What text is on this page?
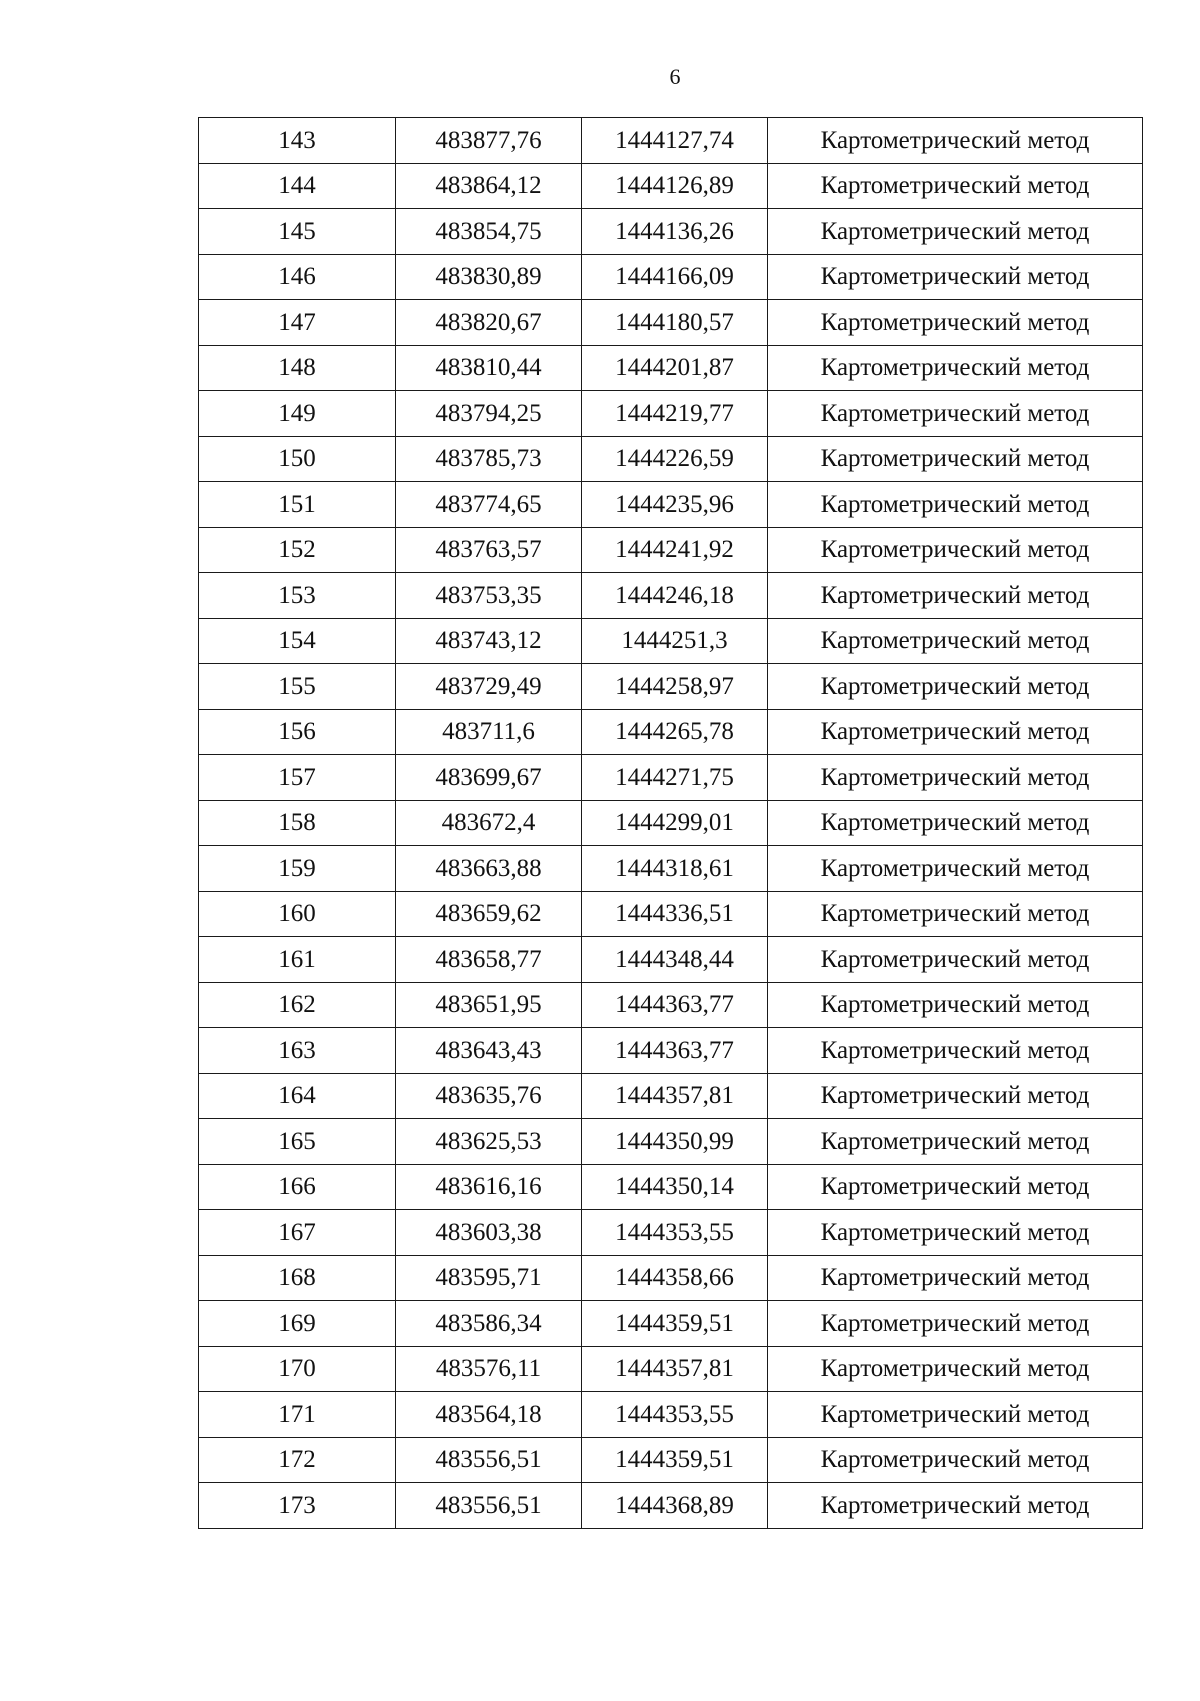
6
143	483877,76	1444127,74	Картометрический метод
144	483864,12	1444126,89	Картометрический метод
145	483854,75	1444136,26	Картометрический метод
146	483830,89	1444166,09	Картометрический метод
147	483820,67	1444180,57	Картометрический метод
148	483810,44	1444201,87	Картометрический метод
149	483794,25	1444219,77	Картометрический метод
150	483785,73	1444226,59	Картометрический метод
151	483774,65	1444235,96	Картометрический метод
152	483763,57	1444241,92	Картометрический метод
153	483753,35	1444246,18	Картометрический метод
154	483743,12	1444251,3	Картометрический метод
155	483729,49	1444258,97	Картометрический метод
156	483711,6	1444265,78	Картометрический метод
157	483699,67	1444271,75	Картометрический метод
158	483672,4	1444299,01	Картометрический метод
159	483663,88	1444318,61	Картометрический метод
160	483659,62	1444336,51	Картометрический метод
161	483658,77	1444348,44	Картометрический метод
162	483651,95	1444363,77	Картометрический метод
163	483643,43	1444363,77	Картометрический метод
164	483635,76	1444357,81	Картометрический метод
165	483625,53	1444350,99	Картометрический метод
166	483616,16	1444350,14	Картометрический метод
167	483603,38	1444353,55	Картометрический метод
168	483595,71	1444358,66	Картометрический метод
169	483586,34	1444359,51	Картометрический метод
170	483576,11	1444357,81	Картометрический метод
171	483564,18	1444353,55	Картометрический метод
172	483556,51	1444359,51	Картометрический метод
173	483556,51	1444368,89	Картометрический метод
